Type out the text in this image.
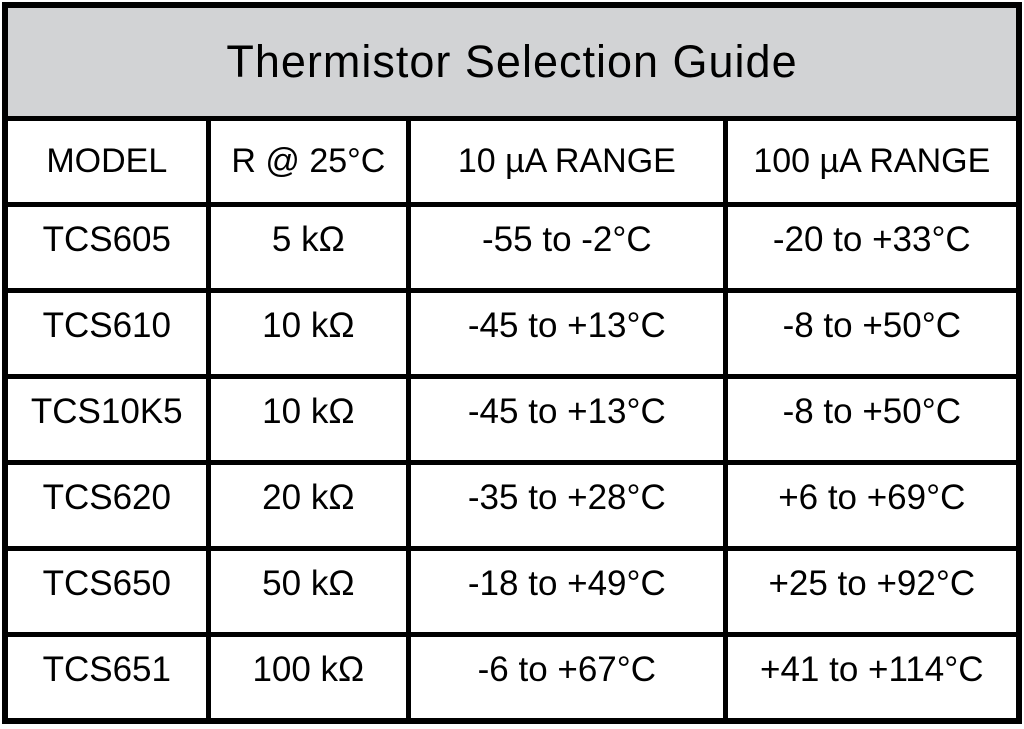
Thermistor Selection Guide
MODEL	R @ 25°C	10 µA RANGE	100 µA RANGE
TCS605	5 kΩ	-55 to -2°C	-20 to +33°C
TCS610	10 kΩ	-45 to +13°C	-8 to +50°C
TCS10K5	10 kΩ	-45 to +13°C	-8 to +50°C
TCS620	20 kΩ	-35 to +28°C	+6 to +69°C
TCS650	50 kΩ	-18 to +49°C	+25 to +92°C
TCS651	100 kΩ	-6 to +67°C	+41 to +114°C
